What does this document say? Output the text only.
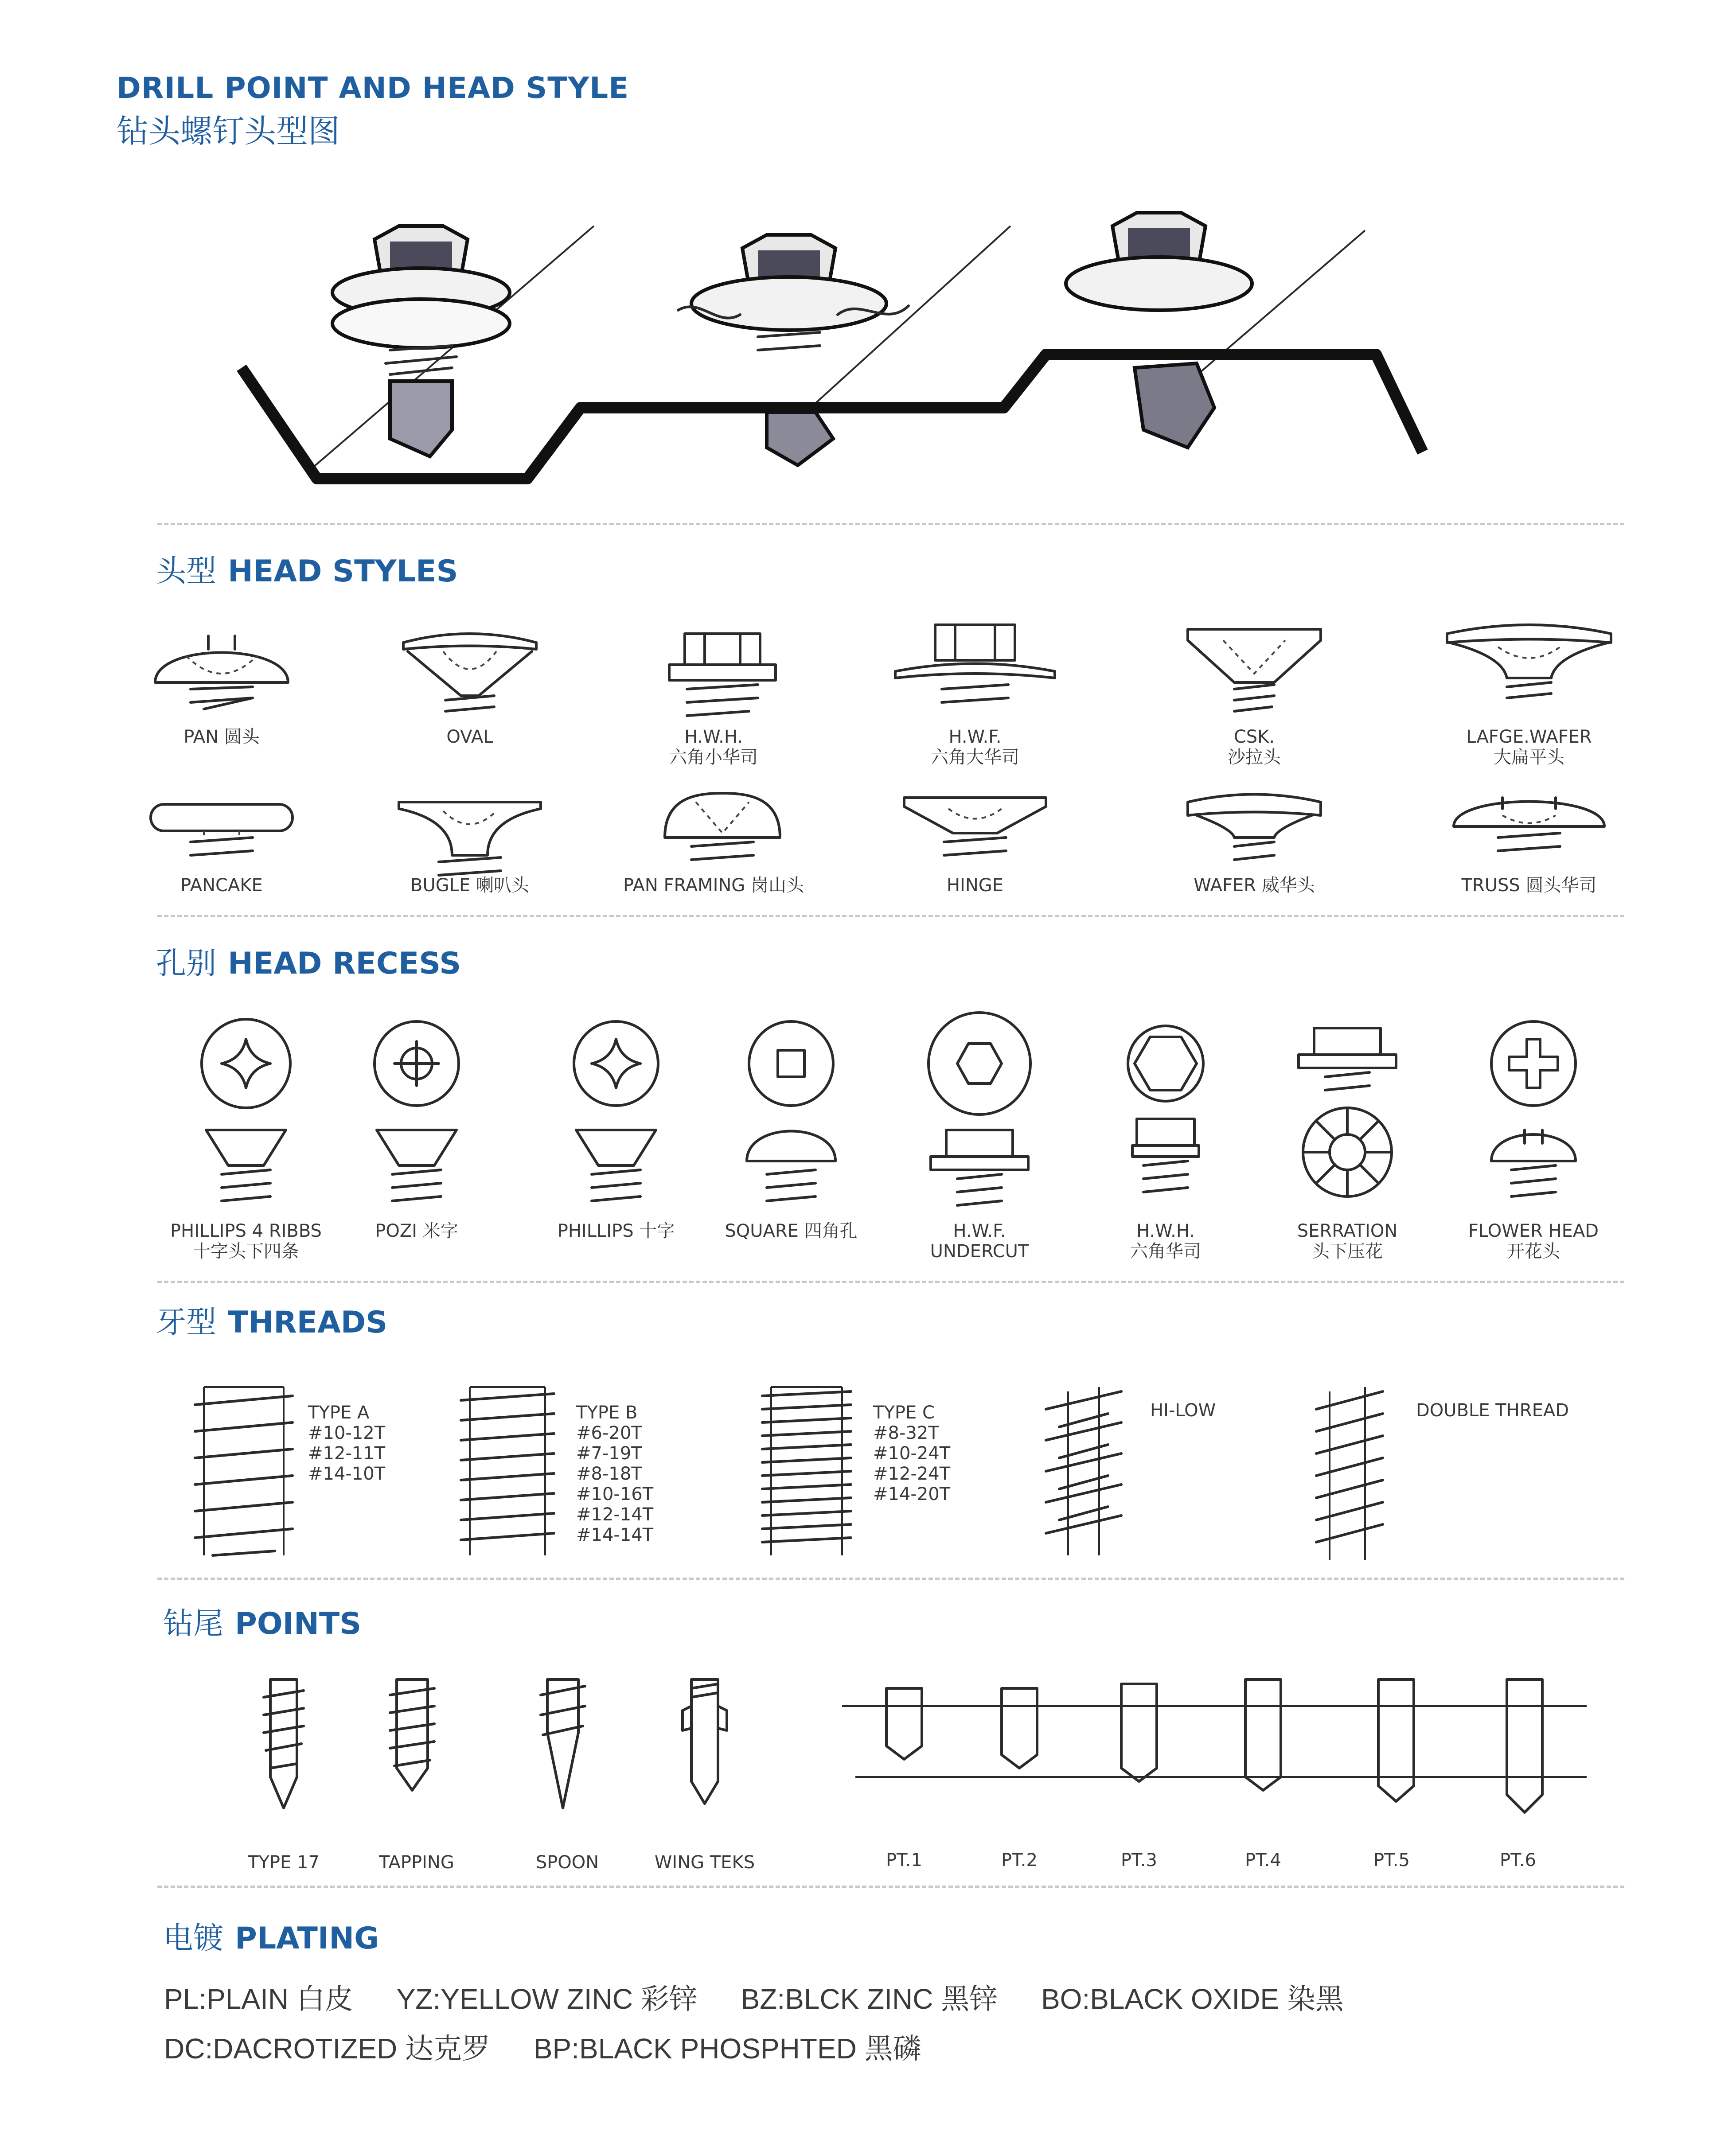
DRILL POINT AND HEAD STYLE
钻头螺钉头型图
头型 HEAD STYLES
PAN 圆头	OVAL	H.W.H.
六角小华司
H.W.F.
六角大华司
CSK.
沙拉头
LAFGE.WAFER
大扁平头
PANCAKE	BUGLE 喇叭头	PAN FRAMING 岗山头	HINGE	WAFER 威华头	TRUSS 圆头华司
孔别 HEAD RECESS
PHILLIPS 4 RIBBS
十字头下四条
POZI 米字	PHILLIPS 十字	SQUARE 四角孔	H.W.F.
UNDERCUT
H.W.H.
六角华司
SERRATION
头下压花
FLOWER HEAD
开花头
牙型 THREADS
TYPE A
#10-12T
#12-11T
#14-10T
TYPE B
#6-20T
#7-19T
#8-18T
#10-16T
#12-14T
#14-14T
TYPE C
#8-32T
#10-24T
#12-24T
#14-20T
HI-LOW	DOUBLE THREAD
钻尾 POINTS
TYPE 17	TAPPING	SPOON	WING TEKS	PT.1	PT.2	PT.3	PT.4	PT.5	PT.6
电镀 PLATING
PL:PLAIN 白皮 YZ:YELLOW ZINC 彩锌 BZ:BLCK ZINC 黑锌 BO:BLACK OXIDE 染黑
DC:DACROTIZED 达克罗 BP:BLACK PHOSPHTED 黑磷
